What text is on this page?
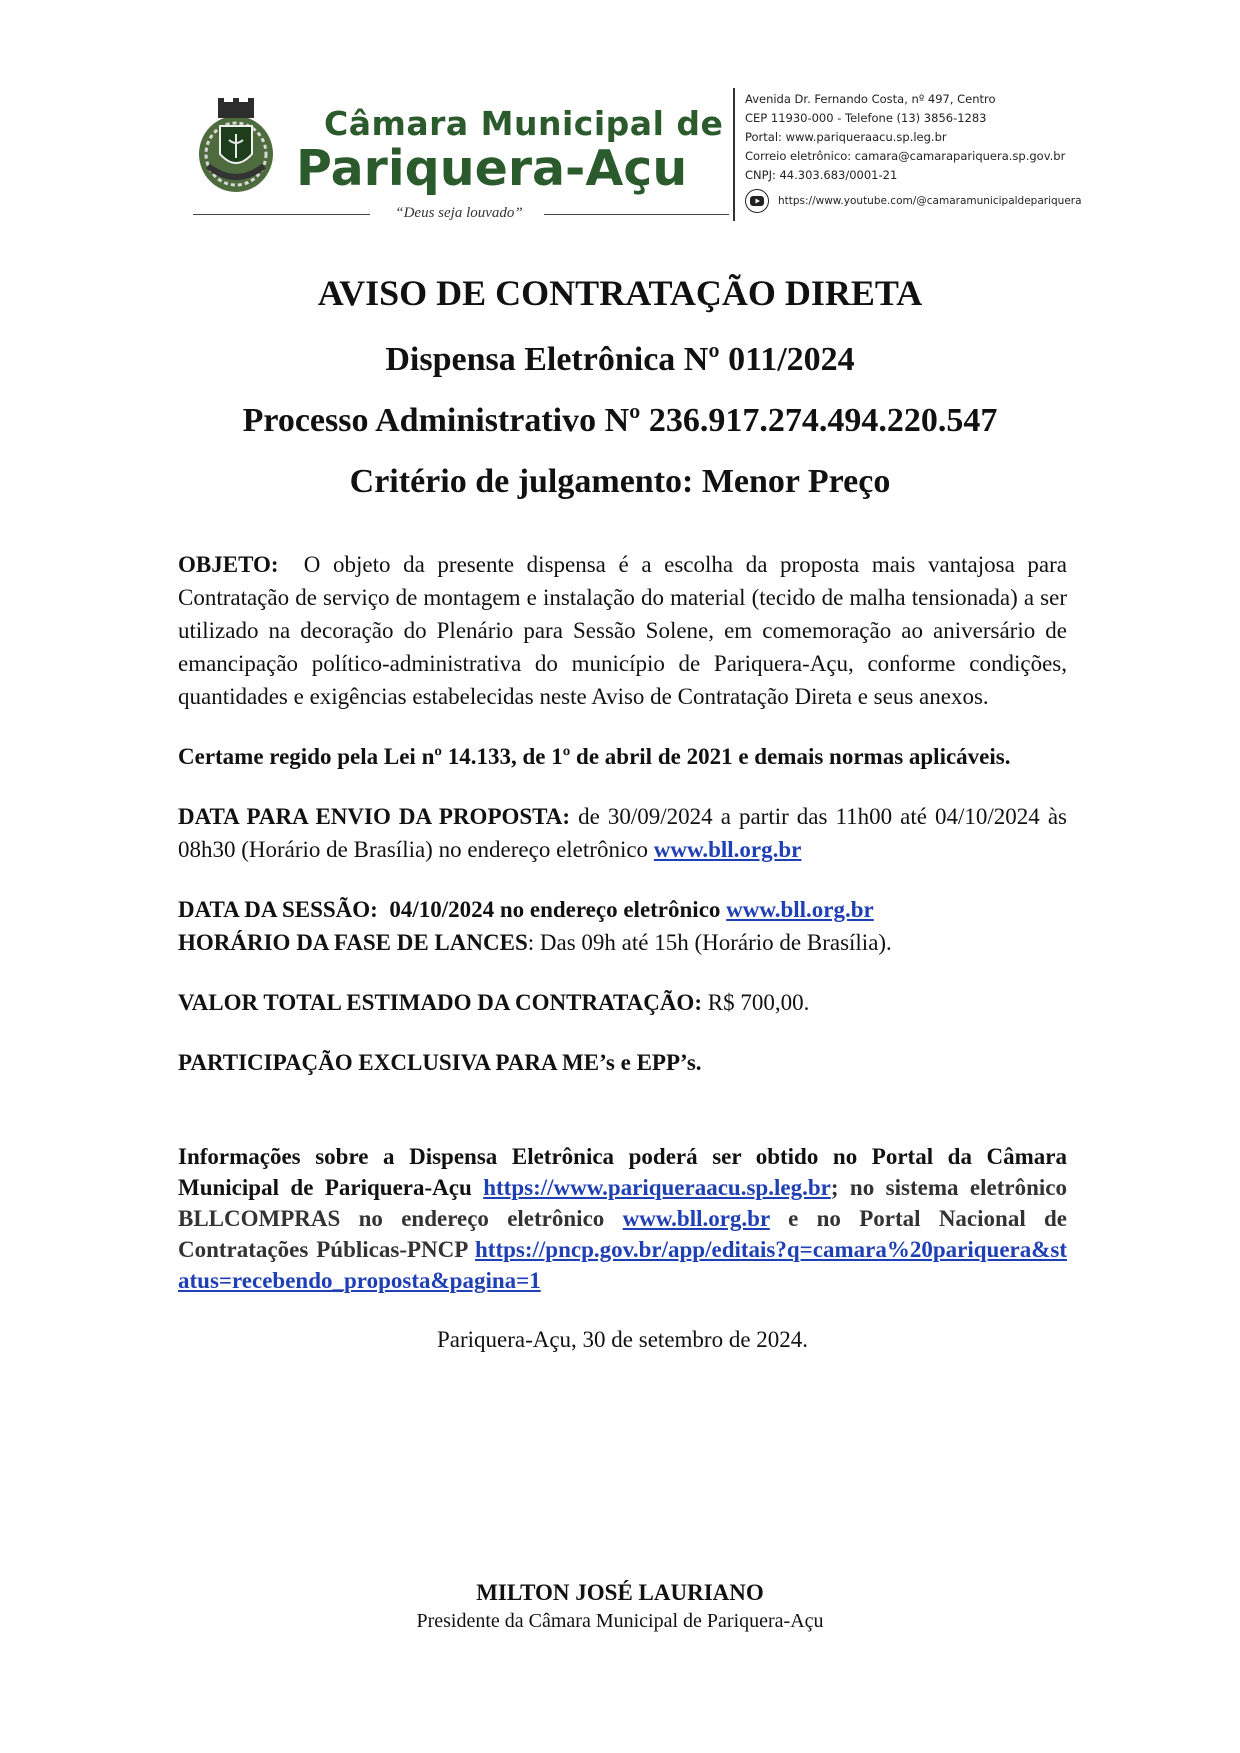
Câmara Municipal de
Pariquera-Açu
“Deus seja louvado”
Avenida Dr. Fernando Costa, nº 497, Centro
CEP 11930-000 - Telefone (13) 3856-1283
Portal: www.pariqueraacu.sp.leg.br
Correio eletrônico: camara@camarapariquera.sp.gov.br
CNPJ: 44.303.683/0001-21
https://www.youtube.com/@camaramunicipaldepariquera
AVISO DE CONTRATAÇÃO DIRETA
Dispensa Eletrônica Nº 011/2024
Processo Administrativo Nº 236.917.274.494.220.547
Critério de julgamento: Menor Preço

OBJETO: O objeto da presente dispensa é a escolha da proposta mais vantajosa para Contratação de serviço de montagem e instalação do material (tecido de malha tensionada) a ser utilizado na decoração do Plenário para Sessão Solene, em comemoração ao aniversário de emancipação político-administrativa do município de Pariquera-Açu, conforme condições, quantidades e exigências estabelecidas neste Aviso de Contratação Direta e seus anexos.

Certame regido pela Lei nº 14.133, de 1º de abril de 2021 e demais normas aplicáveis.

DATA PARA ENVIO DA PROPOSTA: de 30/09/2024 a partir das 11h00 até 04/10/2024 às 08h30 (Horário de Brasília) no endereço eletrônico www.bll.org.br

DATA DA SESSÃO: 04/10/2024 no endereço eletrônico www.bll.org.br
HORÁRIO DA FASE DE LANCES: Das 09h até 15h (Horário de Brasília).

VALOR TOTAL ESTIMADO DA CONTRATAÇÃO: R$ 700,00.

PARTICIPAÇÃO EXCLUSIVA PARA ME’s e EPP’s.

Informações sobre a Dispensa Eletrônica poderá ser obtido no Portal da Câmara Municipal de Pariquera-Açu https://www.pariqueraacu.sp.leg.br; no sistema eletrônico BLLCOMPRAS no endereço eletrônico www.bll.org.br e no Portal Nacional de Contratações Públicas-PNCP https://pncp.gov.br/app/editais?q=camara%20pariquera&status=recebendo_proposta&pagina=1

Pariquera-Açu, 30 de setembro de 2024.

MILTON JOSÉ LAURIANO
Presidente da Câmara Municipal de Pariquera-Açu
